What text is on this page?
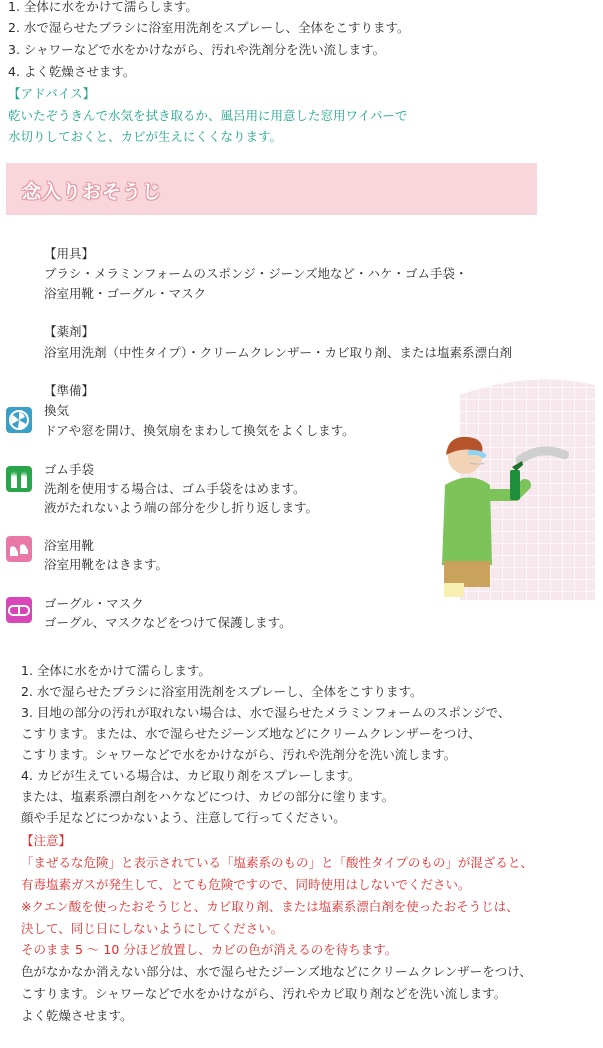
1. 全体に水をかけて濡らします。
2. 水で湿らせたブラシに浴室用洗剤をスプレーし、全体をこすります。
3. シャワーなどで水をかけながら、汚れや洗剤分を洗い流します。
4. よく乾燥させます。
【アドバイス】
乾いたぞうきんで水気を拭き取るか、風呂用に用意した窓用ワイパーで
水切りしておくと、カビが生えにくくなります。
念入りおそうじ
【用具】
ブラシ・メラミンフォームのスポンジ・ジーンズ地など・ハケ・ゴム手袋・
浴室用靴・ゴーグル・マスク
【薬剤】
浴室用洗剤（中性タイプ）・クリームクレンザー・カビ取り剤、または塩素系漂白剤
【準備】
換気
ドアや窓を開け、換気扇をまわして換気をよくします。
ゴム手袋
洗剤を使用する場合は、ゴム手袋をはめます。
液がたれないよう端の部分を少し折り返します。
浴室用靴
浴室用靴をはきます。
ゴーグル・マスク
ゴーグル、マスクなどをつけて保護します。
1. 全体に水をかけて濡らします。
2. 水で湿らせたブラシに浴室用洗剤をスプレーし、全体をこすります。
3. 目地の部分の汚れが取れない場合は、水で湿らせたメラミンフォームのスポンジで、
こすります。または、水で湿らせたジーンズ地などにクリームクレンザーをつけ、
こすります。シャワーなどで水をかけながら、汚れや洗剤分を洗い流します。
4. カビが生えている場合は、カビ取り剤をスプレーします。
または、塩素系漂白剤をハケなどにつけ、カビの部分に塗ります。
顔や手足などにつかないよう、注意して行ってください。
【注意】
「まぜるな危険」と表示されている「塩素系のもの」と「酸性タイプのもの」が混ざると、
有毒塩素ガスが発生して、とても危険ですので、同時使用はしないでください。
※クエン酸を使ったおそうじと、カビ取り剤、または塩素系漂白剤を使ったおそうじは、
決して、同じ日にしないようにしてください。
そのまま 5 〜 10 分ほど放置し、カビの色が消えるのを待ちます。
色がなかなか消えない部分は、水で湿らせたジーンズ地などにクリームクレンザーをつけ、
こすります。シャワーなどで水をかけながら、汚れやカビ取り剤などを洗い流します。
よく乾燥させます。
